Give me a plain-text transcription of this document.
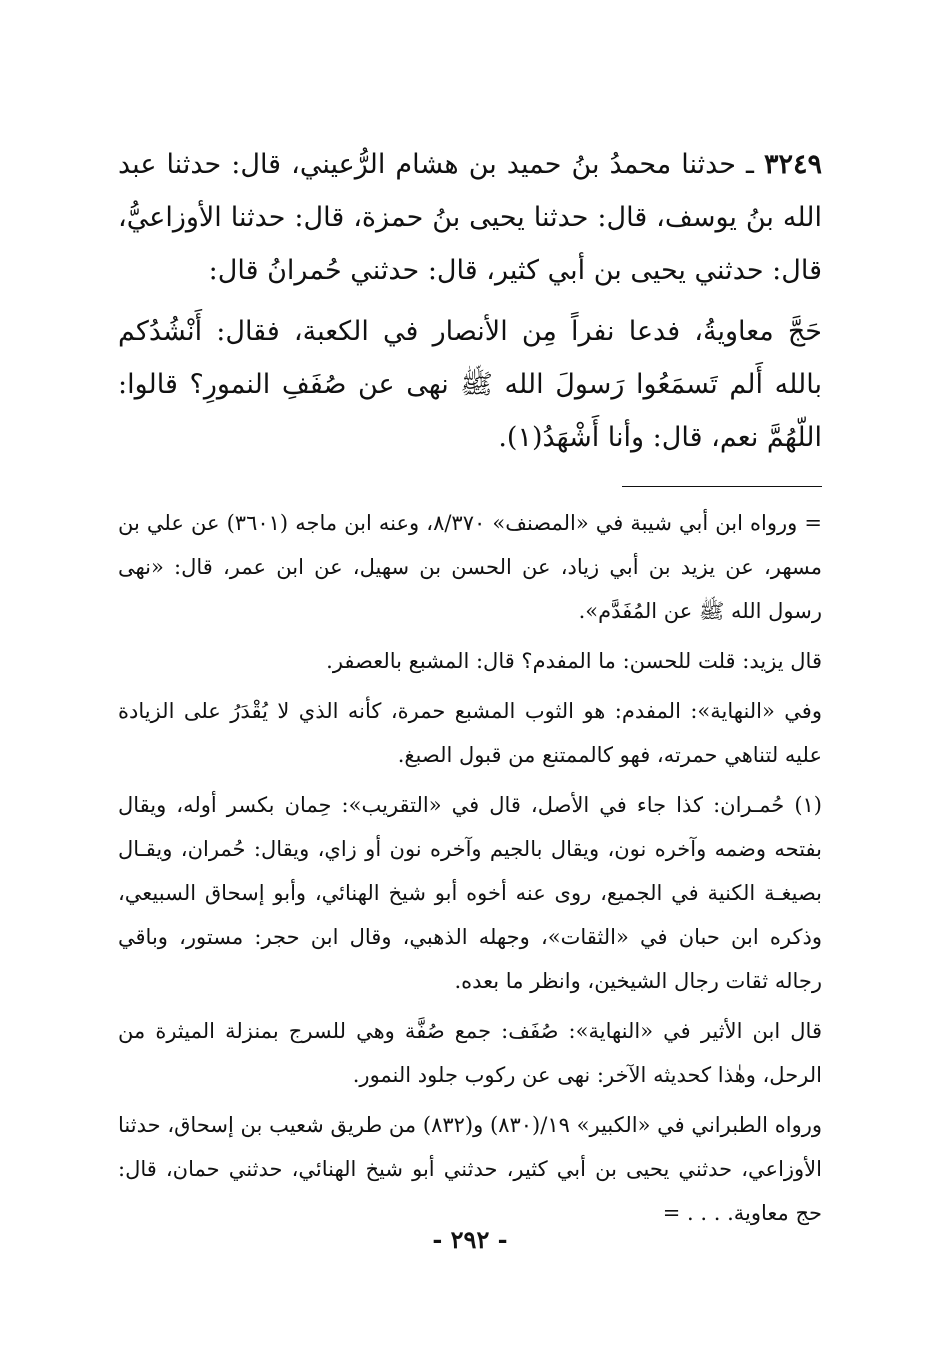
٣٢٤٩ ـ حدثنا محمدُ بنُ حميد بن هشام الرُّعيني، قال: حدثنا عبد الله بنُ يوسف، قال: حدثنا يحيى بنُ حمزة، قال: حدثنا الأوزاعيُّ، قال: حدثني يحيى بن أبي كثير، قال: حدثني حُمرانُ قال:

حَجَّ معاويةُ، فدعا نفراً مِن الأنصار في الكعبة، فقال: أَنْشُدُكم بالله أَلم تَسمَعُوا رَسولَ الله ﷺ نهى عن صُفَفِ النمورِ؟ قالوا: اللّهُمَّ نعم، قال: وأنا أَشْهَدُ(١).

= ورواه ابن أبي شيبة في «المصنف» ٨/٣٧٠، وعنه ابن ماجه (٣٦٠١) عن علي بن مسهر، عن يزيد بن أبي زياد، عن الحسن بن سهيل، عن ابن عمر، قال: «نهى رسول الله ﷺ عن المُفَدَّم».

قال يزيد: قلت للحسن: ما المفدم؟ قال: المشبع بالعصفر.

وفي «النهاية»: المفدم: هو الثوب المشبع حمرة، كأنه الذي لا يُقْدَرُ على الزيادة عليه لتناهي حمرته، فهو كالممتنع من قبول الصبغ.

(١) حُمـران: كذا جاء في الأصل، قال في «التقريب»: حِمان بكسر أوله، ويقال بفتحه وضمه وآخره نون، ويقال بالجيم وآخره نون أو زاي، ويقال: حُمران، ويقـال بصيغـة الكنية في الجميع، روى عنه أخوه أبو شيخ الهنائي، وأبو إسحاق السبيعي، وذكره ابن حبان في «الثقات»، وجهله الذهبي، وقال ابن حجر: مستور، وباقي رجاله ثقات رجال الشيخين، وانظر ما بعده.

قال ابن الأثير في «النهاية»: صُفَف: جمع صُفَّة وهي للسرج بمنزلة الميثرة من الرحل، وهٰذا كحديثه الآخر: نهى عن ركوب جلود النمور.

ورواه الطبراني في «الكبير» ١٩/(٨٣٠) و(٨٣٢) من طريق شعيب بن إسحاق، حدثنا الأوزاعي، حدثني يحيى بن أبي كثير، حدثني أبو شيخ الهنائي، حدثني حمان، قال: حج معاوية. . . . =

- ٢٩٢ -
